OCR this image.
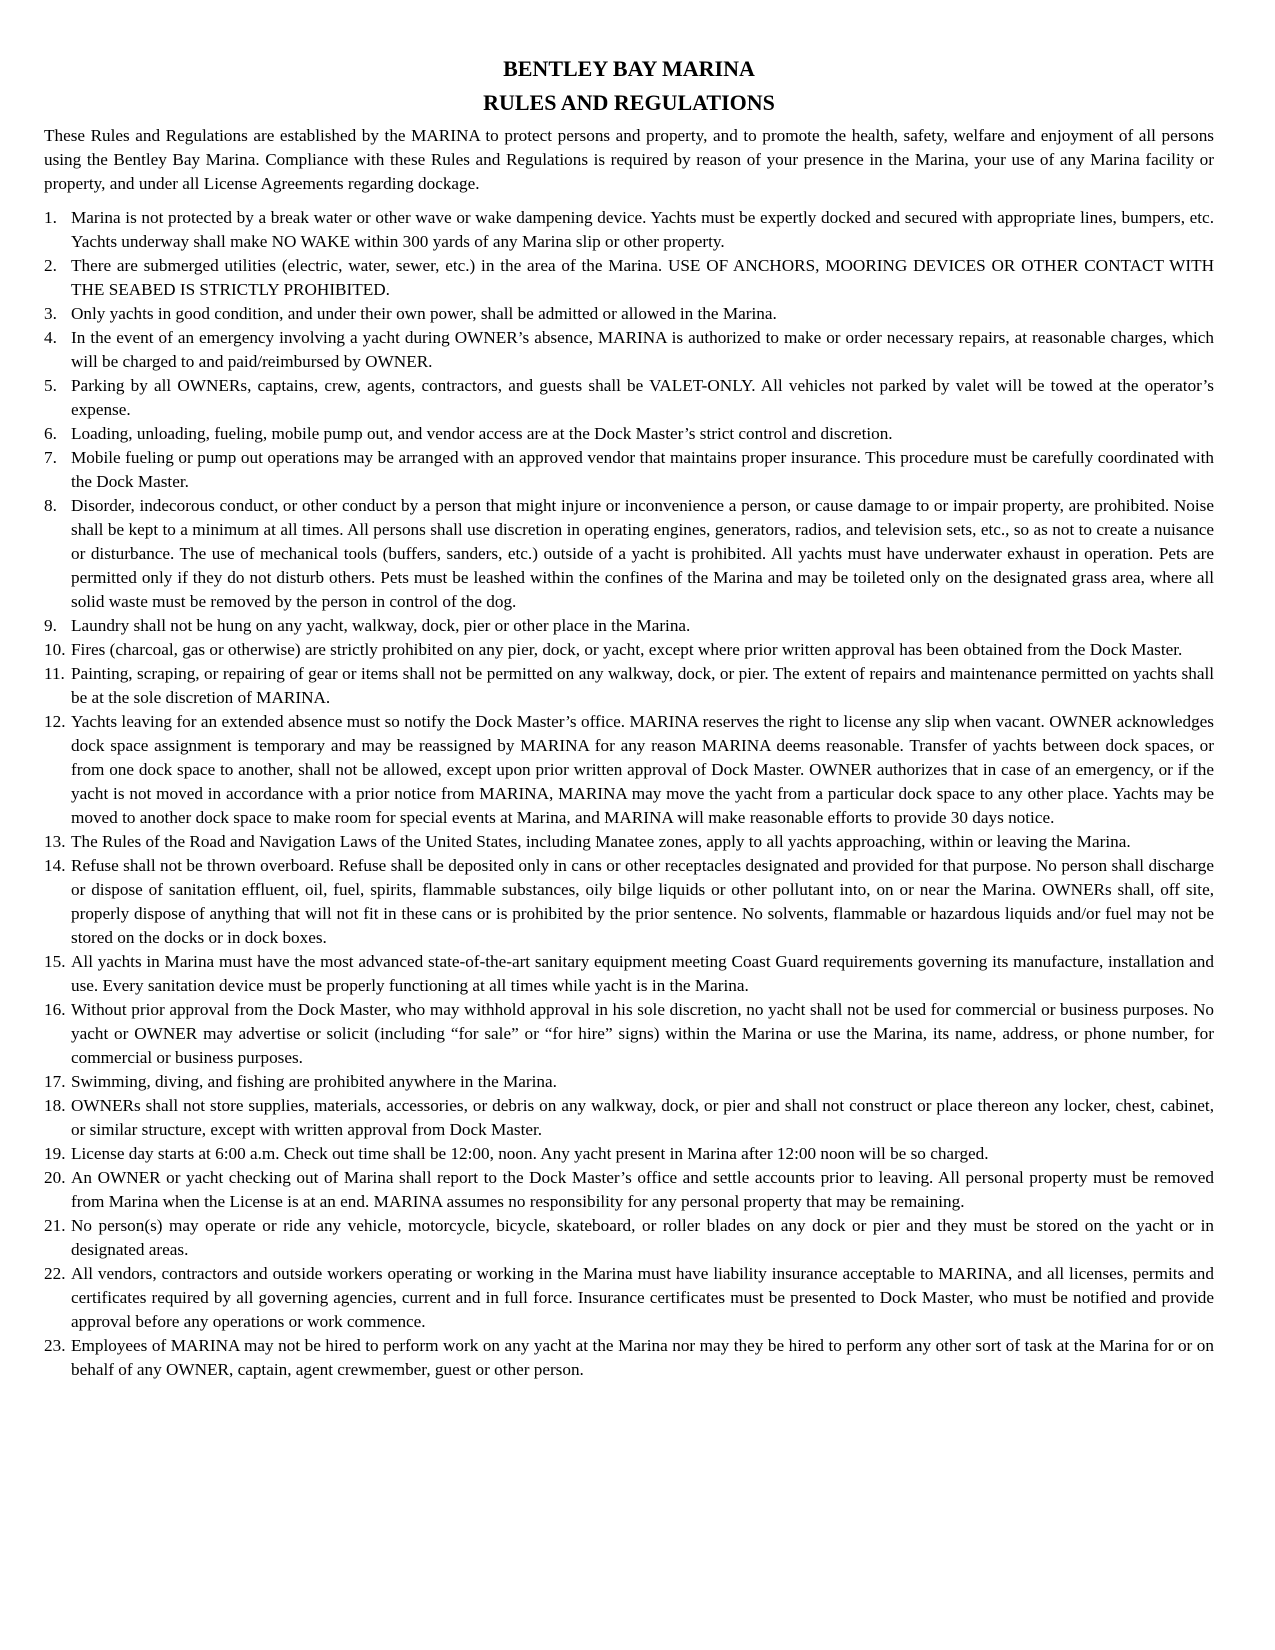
BENTLEY BAY MARINA
RULES AND REGULATIONS

These Rules and Regulations are established by the MARINA to protect persons and property, and to promote the health, safety, welfare and enjoyment of all persons using the Bentley Bay Marina. Compliance with these Rules and Regulations is required by reason of your presence in the Marina, your use of any Marina facility or property, and under all License Agreements regarding dockage.

1. Marina is not protected by a break water or other wave or wake dampening device. Yachts must be expertly docked and secured with appropriate lines, bumpers, etc. Yachts underway shall make NO WAKE within 300 yards of any Marina slip or other property.
2. There are submerged utilities (electric, water, sewer, etc.) in the area of the Marina. USE OF ANCHORS, MOORING DEVICES OR OTHER CONTACT WITH THE SEABED IS STRICTLY PROHIBITED.
3. Only yachts in good condition, and under their own power, shall be admitted or allowed in the Marina.
4. In the event of an emergency involving a yacht during OWNER’s absence, MARINA is authorized to make or order necessary repairs, at reasonable charges, which will be charged to and paid/reimbursed by OWNER.
5. Parking by all OWNERs, captains, crew, agents, contractors, and guests shall be VALET-ONLY. All vehicles not parked by valet will be towed at the operator’s expense.
6. Loading, unloading, fueling, mobile pump out, and vendor access are at the Dock Master’s strict control and discretion.
7. Mobile fueling or pump out operations may be arranged with an approved vendor that maintains proper insurance. This procedure must be carefully coordinated with the Dock Master.
8. Disorder, indecorous conduct, or other conduct by a person that might injure or inconvenience a person, or cause damage to or impair property, are prohibited. Noise shall be kept to a minimum at all times. All persons shall use discretion in operating engines, generators, radios, and television sets, etc., so as not to create a nuisance or disturbance. The use of mechanical tools (buffers, sanders, etc.) outside of a yacht is prohibited. All yachts must have underwater exhaust in operation. Pets are permitted only if they do not disturb others. Pets must be leashed within the confines of the Marina and may be toileted only on the designated grass area, where all solid waste must be removed by the person in control of the dog.
9. Laundry shall not be hung on any yacht, walkway, dock, pier or other place in the Marina.
10. Fires (charcoal, gas or otherwise) are strictly prohibited on any pier, dock, or yacht, except where prior written approval has been obtained from the Dock Master.
11. Painting, scraping, or repairing of gear or items shall not be permitted on any walkway, dock, or pier. The extent of repairs and maintenance permitted on yachts shall be at the sole discretion of MARINA.
12. Yachts leaving for an extended absence must so notify the Dock Master’s office. MARINA reserves the right to license any slip when vacant. OWNER acknowledges dock space assignment is temporary and may be reassigned by MARINA for any reason MARINA deems reasonable. Transfer of yachts between dock spaces, or from one dock space to another, shall not be allowed, except upon prior written approval of Dock Master. OWNER authorizes that in case of an emergency, or if the yacht is not moved in accordance with a prior notice from MARINA, MARINA may move the yacht from a particular dock space to any other place. Yachts may be moved to another dock space to make room for special events at Marina, and MARINA will make reasonable efforts to provide 30 days notice.
13. The Rules of the Road and Navigation Laws of the United States, including Manatee zones, apply to all yachts approaching, within or leaving the Marina.
14. Refuse shall not be thrown overboard. Refuse shall be deposited only in cans or other receptacles designated and provided for that purpose. No person shall discharge or dispose of sanitation effluent, oil, fuel, spirits, flammable substances, oily bilge liquids or other pollutant into, on or near the Marina. OWNERs shall, off site, properly dispose of anything that will not fit in these cans or is prohibited by the prior sentence. No solvents, flammable or hazardous liquids and/or fuel may not be stored on the docks or in dock boxes.
15. All yachts in Marina must have the most advanced state-of-the-art sanitary equipment meeting Coast Guard requirements governing its manufacture, installation and use. Every sanitation device must be properly functioning at all times while yacht is in the Marina.
16. Without prior approval from the Dock Master, who may withhold approval in his sole discretion, no yacht shall not be used for commercial or business purposes. No yacht or OWNER may advertise or solicit (including “for sale” or “for hire” signs) within the Marina or use the Marina, its name, address, or phone number, for commercial or business purposes.
17. Swimming, diving, and fishing are prohibited anywhere in the Marina.
18. OWNERs shall not store supplies, materials, accessories, or debris on any walkway, dock, or pier and shall not construct or place thereon any locker, chest, cabinet, or similar structure, except with written approval from Dock Master.
19. License day starts at 6:00 a.m. Check out time shall be 12:00, noon. Any yacht present in Marina after 12:00 noon will be so charged.
20. An OWNER or yacht checking out of Marina shall report to the Dock Master’s office and settle accounts prior to leaving. All personal property must be removed from Marina when the License is at an end. MARINA assumes no responsibility for any personal property that may be remaining.
21. No person(s) may operate or ride any vehicle, motorcycle, bicycle, skateboard, or roller blades on any dock or pier and they must be stored on the yacht or in designated areas.
22. All vendors, contractors and outside workers operating or working in the Marina must have liability insurance acceptable to MARINA, and all licenses, permits and certificates required by all governing agencies, current and in full force. Insurance certificates must be presented to Dock Master, who must be notified and provide approval before any operations or work commence.
23. Employees of MARINA may not be hired to perform work on any yacht at the Marina nor may they be hired to perform any other sort of task at the Marina for or on behalf of any OWNER, captain, agent crewmember, guest or other person.
